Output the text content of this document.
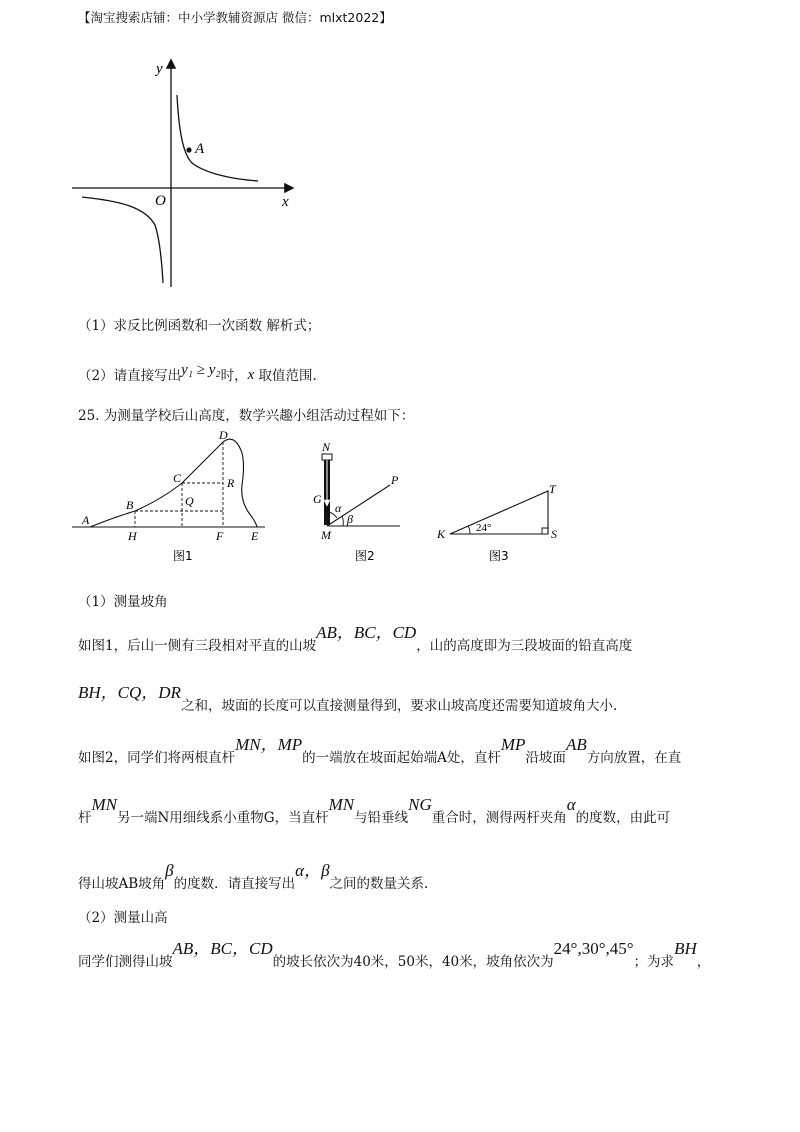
【淘宝搜索店铺：中小学教辅资源店 微信：mlxt2022】
y
x
O
A
（1）求反比例函数和一次函数 解析式；
（2）请直接写出y₁ ≥ y₂时，x 取值范围.
25. 为测量学校后山高度，数学兴趣小组活动过程如下：
A
B
C
D
E
F
H
Q
R
图1
N
G
M
P
α
β
图2
K	S
T
24°
图3
（1）测量坡角
如图1，后山一侧有三段相对平直的山坡AB，BC，CD，山的高度即为三段坡面的铅直高度
BH，CQ，DR之和，坡面的长度可以直接测量得到，要求山坡高度还需要知道坡角大小.
如图2，同学们将两根直杆MN，MP的一端放在坡面起始端A处，直杆MP沿坡面AB方向放置，在直
杆MN另一端N用细线系小重物G，当直杆MN与铅垂线NG重合时，测得两杆夹角α的度数，由此可
得山坡AB坡角β的度数．请直接写出α，β之间的数量关系.
（2）测量山高
同学们测得山坡AB，BC，CD的坡长依次为40米，50米，40米，坡角依次为24°,30°,45°；为求BH，
